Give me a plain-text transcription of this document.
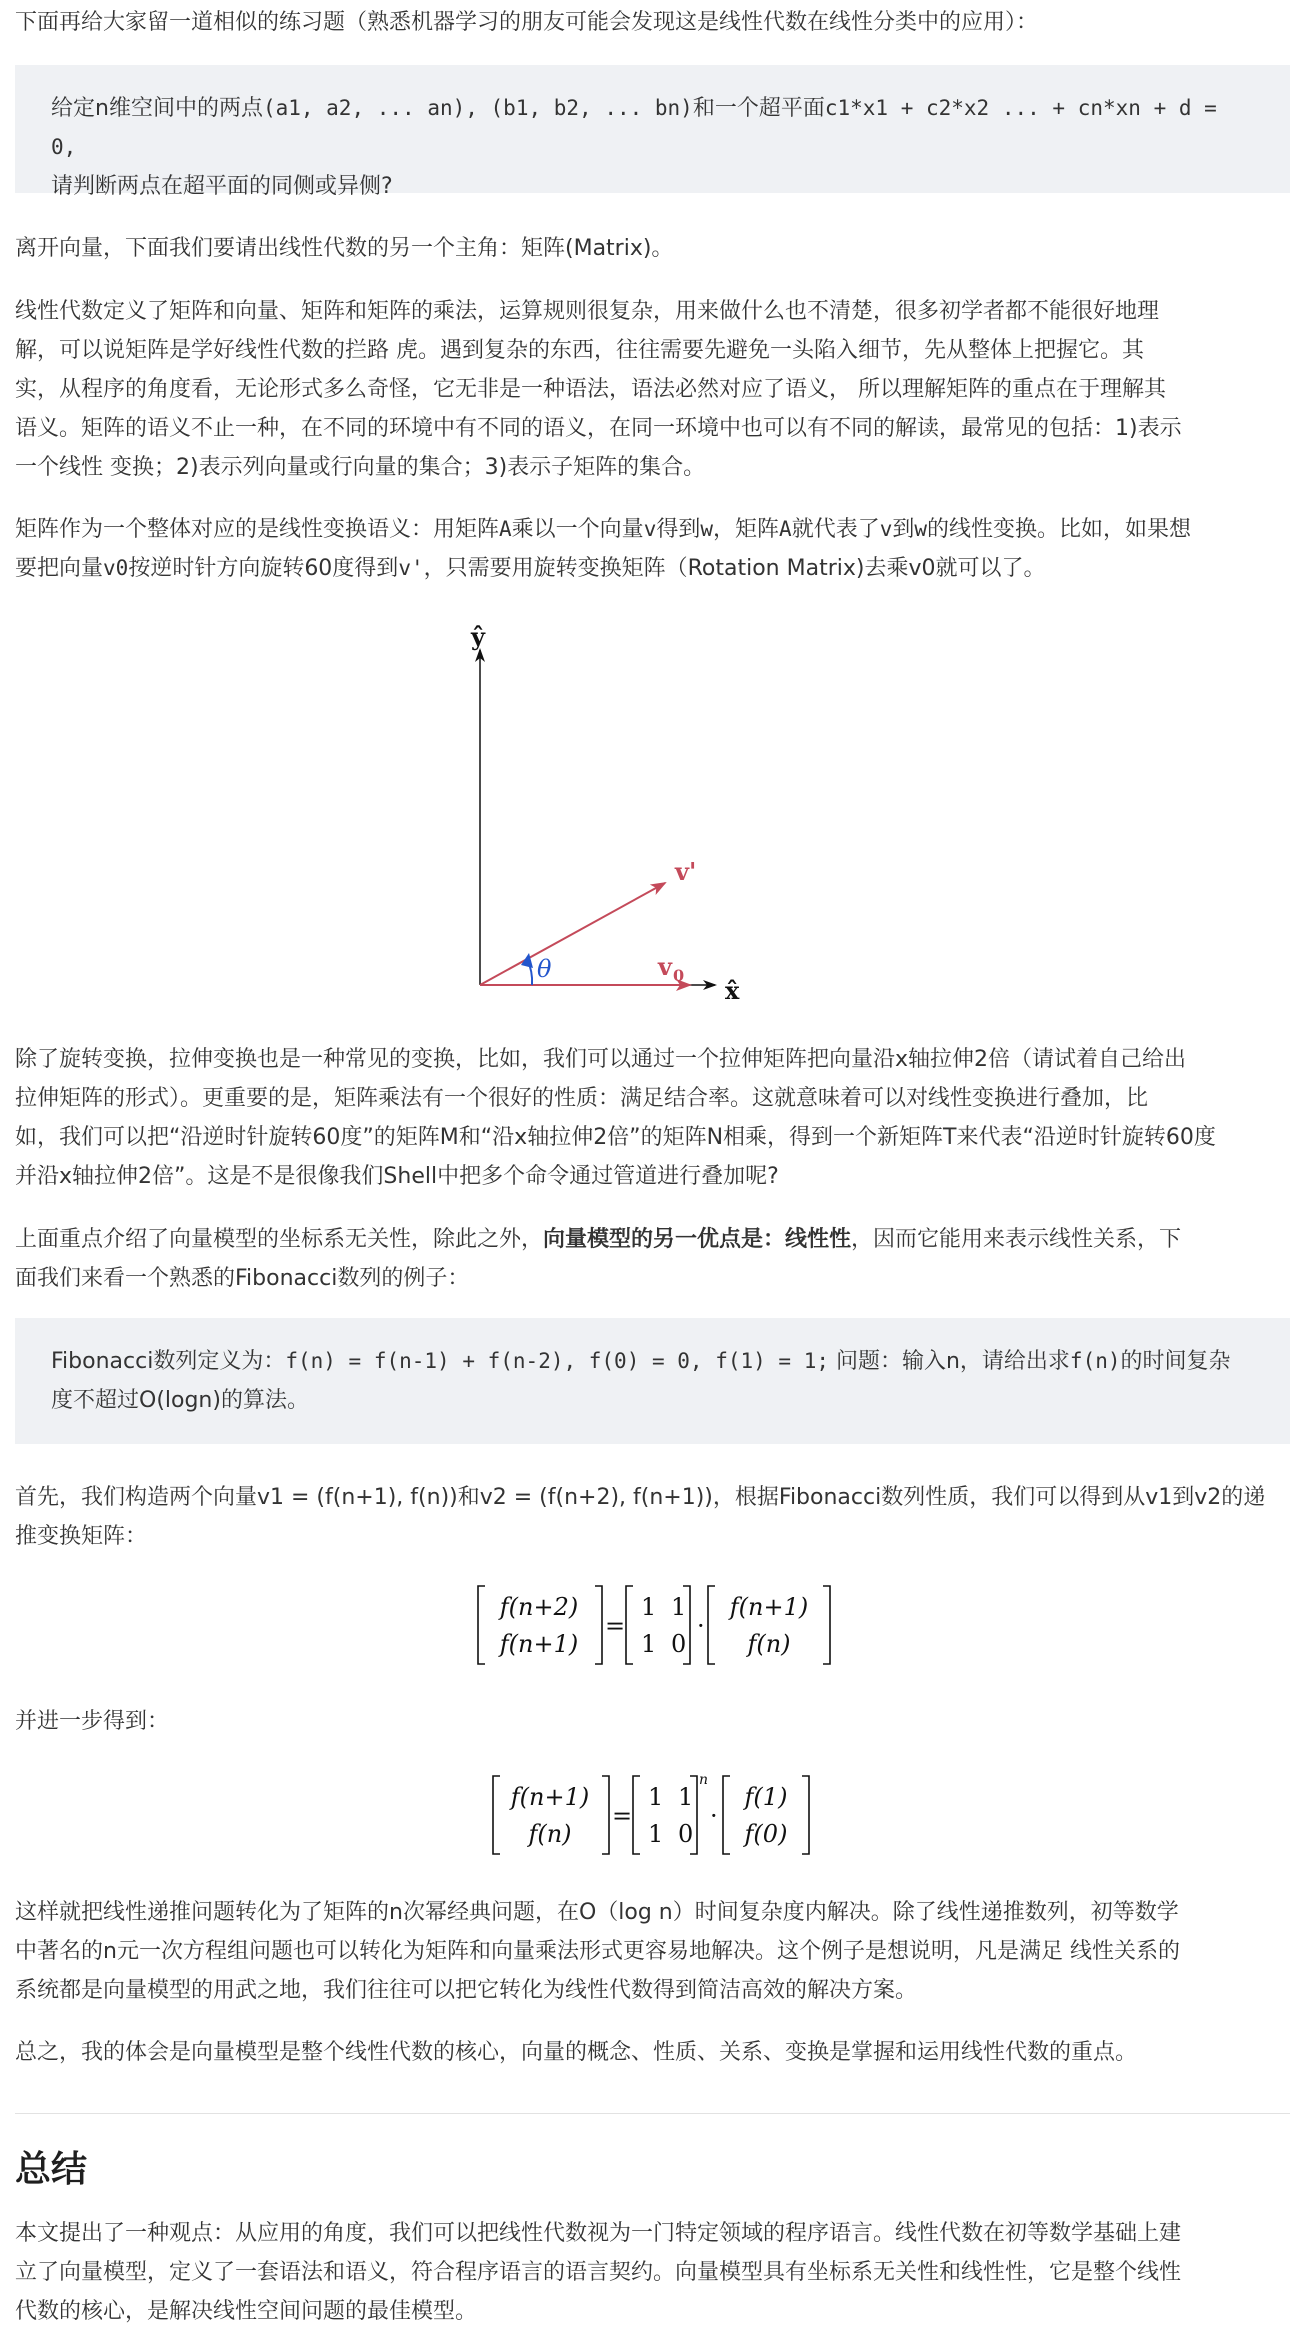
下面再给大家留一道相似的练习题（熟悉机器学习的朋友可能会发现这是线性代数在线性分类中的应用）：

给定n维空间中的两点(a1, a2, ... an), (b1, b2, ... bn)和一个超平面c1*x1 + c2*x2 ... + cn*xn + d = 0,

请判断两点在超平面的同侧或异侧?

离开向量，下面我们要请出线性代数的另一个主角：矩阵(Matrix)。

线性代数定义了矩阵和向量、矩阵和矩阵的乘法，运算规则很复杂，用来做什么也不清楚，很多初学者都不能很好地理

解，可以说矩阵是学好线性代数的拦路 虎。遇到复杂的东西，往往需要先避免一头陷入细节，先从整体上把握它。其

实，从程序的角度看，无论形式多么奇怪，它无非是一种语法，语法必然对应了语义， 所以理解矩阵的重点在于理解其

语义。矩阵的语义不止一种，在不同的环境中有不同的语义，在同一环境中也可以有不同的解读，最常见的包括：1)表示

一个线性 变换；2)表示列向量或行向量的集合；3)表示子矩阵的集合。

矩阵作为一个整体对应的是线性变换语义：用矩阵A乘以一个向量v得到w，矩阵A就代表了v到w的线性变换。比如，如果想

要把向量v0按逆时针方向旋转60度得到v'，只需要用旋转变换矩阵（Rotation Matrix)去乘v0就可以了。

ŷ
x̂
v'
v 0
θ

除了旋转变换，拉伸变换也是一种常见的变换，比如，我们可以通过一个拉伸矩阵把向量沿x轴拉伸2倍（请试着自己给出

拉伸矩阵的形式）。更重要的是，矩阵乘法有一个很好的性质：满足结合率。这就意味着可以对线性变换进行叠加，比

如，我们可以把“沿逆时针旋转60度”的矩阵M和“沿x轴拉伸2倍”的矩阵N相乘，得到一个新矩阵T来代表“沿逆时针旋转60度

并沿x轴拉伸2倍”。这是不是很像我们Shell中把多个命令通过管道进行叠加呢?

上面重点介绍了向量模型的坐标系无关性，除此之外，向量模型的另一优点是：线性性，因而它能用来表示线性关系，下

面我们来看一个熟悉的Fibonacci数列的例子：

Fibonacci数列定义为：f(n) = f(n-1) + f(n-2), f(0) = 0, f(1) = 1; 问题：输入n，请给出求f(n)的时间复杂

度不超过O(logn)的算法。

首先，我们构造两个向量v1 = (f(n+1), f(n))和v2 = (f(n+2), f(n+1))，根据Fibonacci数列性质，我们可以得到从v1到v2的递

推变换矩阵：

f(n+2)
f(n+1)
=
1 1
1 0
·
f(n+1)
f(n)

并进一步得到：

f(n+1)
f(n)
=
1 1
1 0
n
·
f(1)
f(0)

这样就把线性递推问题转化为了矩阵的n次幂经典问题，在O（log n）时间复杂度内解决。除了线性递推数列，初等数学

中著名的n元一次方程组问题也可以转化为矩阵和向量乘法形式更容易地解决。这个例子是想说明，凡是满足 线性关系的

系统都是向量模型的用武之地，我们往往可以把它转化为线性代数得到简洁高效的解决方案。

总之，我的体会是向量模型是整个线性代数的核心，向量的概念、性质、关系、变换是掌握和运用线性代数的重点。

总结

本文提出了一种观点：从应用的角度，我们可以把线性代数视为一门特定领域的程序语言。线性代数在初等数学基础上建

立了向量模型，定义了一套语法和语义，符合程序语言的语言契约。向量模型具有坐标系无关性和线性性，它是整个线性

代数的核心，是解决线性空间问题的最佳模型。
